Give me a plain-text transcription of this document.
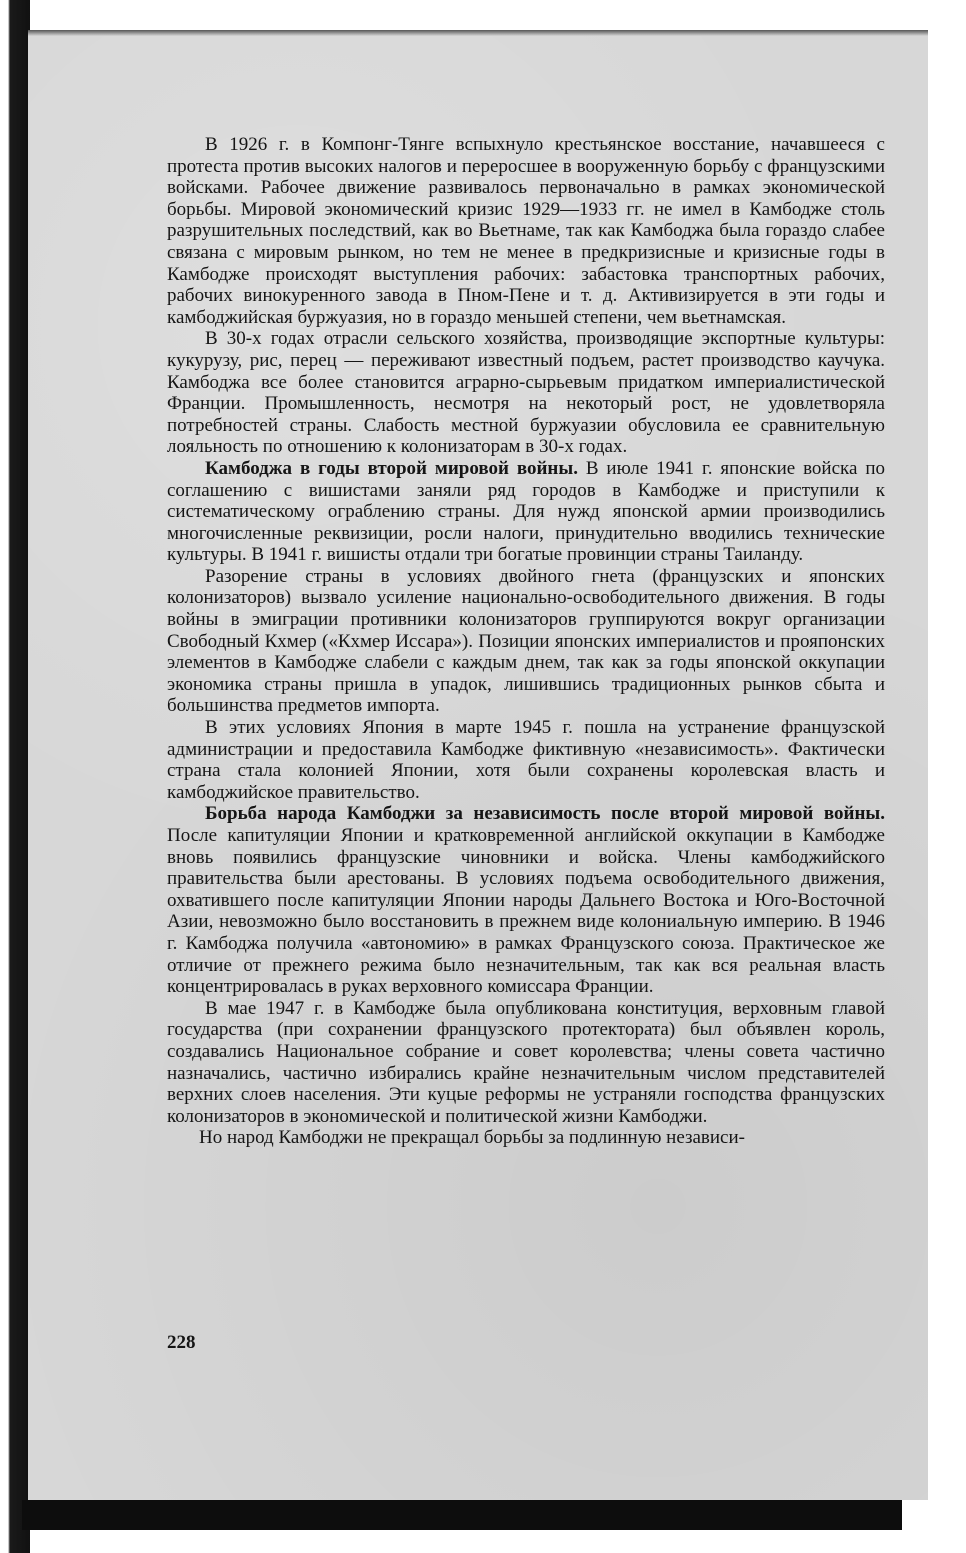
В 1926 г. в Компонг-Тянге вспыхнуло крестьянское восстание, начавшееся с протеста против высоких налогов и переросшее в вооруженную борьбу с французскими войсками. Рабочее движение развивалось первоначально в рамках экономической борьбы. Мировой экономический кризис 1929—1933 гг. не имел в Камбодже столь разрушительных последствий, как во Вьетнаме, так как Камбоджа была гораздо слабее связана с мировым рынком, но тем не менее в предкризисные и кризисные годы в Камбодже происходят выступления рабочих: забастовка транспортных рабочих, рабочих винокуренного завода в Пном-Пене и т. д. Активизируется в эти годы и камбоджийская буржуазия, но в гораздо меньшей степени, чем вьетнамская.

В 30-х годах отрасли сельского хозяйства, производящие экспортные культуры: кукурузу, рис, перец — переживают известный подъем, растет производство каучука. Камбоджа все более становится аграрно-сырьевым придатком империалистической Франции. Промышленность, несмотря на некоторый рост, не удовлетворяла потребностей страны. Слабость местной буржуазии обусловила ее сравнительную лояльность по отношению к колонизаторам в 30-х годах.

Камбоджа в годы второй мировой войны. В июле 1941 г. японские войска по соглашению с вишистами заняли ряд городов в Камбодже и приступили к систематическому ограблению страны. Для нужд японской армии производились многочисленные реквизиции, росли налоги, принудительно вводились технические культуры. В 1941 г. вишисты отдали три богатые провинции страны Таиланду.

Разорение страны в условиях двойного гнета (французских и японских колонизаторов) вызвало усиление национально-освободительного движения. В годы войны в эмиграции противники колонизаторов группируются вокруг организации Свободный Кхмер («Кхмер Иссара»). Позиции японских империалистов и прояпонских элементов в Камбодже слабели с каждым днем, так как за годы японской оккупации экономика страны пришла в упадок, лишившись традиционных рынков сбыта и большинства предметов импорта.

В этих условиях Япония в марте 1945 г. пошла на устранение французской администрации и предоставила Камбодже фиктивную «независимость». Фактически страна стала колонией Японии, хотя были сохранены королевская власть и камбоджийское правительство.

Борьба народа Камбоджи за независимость после второй мировой войны. После капитуляции Японии и кратковременной английской оккупации в Камбодже вновь появились французские чиновники и войска. Члены камбоджийского правительства были арестованы. В условиях подъема освободительного движения, охватившего после капитуляции Японии народы Дальнего Востока и Юго-Восточной Азии, невозможно было восстановить в прежнем виде колониальную империю. В 1946 г. Камбоджа получила «автономию» в рамках Французского союза. Практическое же отличие от прежнего режима было незначительным, так как вся реальная власть концентрировалась в руках верховного комиссара Франции.

В мае 1947 г. в Камбодже была опубликована конституция, верховным главой государства (при сохранении французского протектората) был объявлен король, создавались Национальное собрание и совет королевства; члены совета частично назначались, частично избирались крайне незначительным числом представителей верхних слоев населения. Эти куцые реформы не устраняли господства французских колонизаторов в экономической и политической жизни Камбоджи.

Но народ Камбоджи не прекращал борьбы за подлинную независи-

228
